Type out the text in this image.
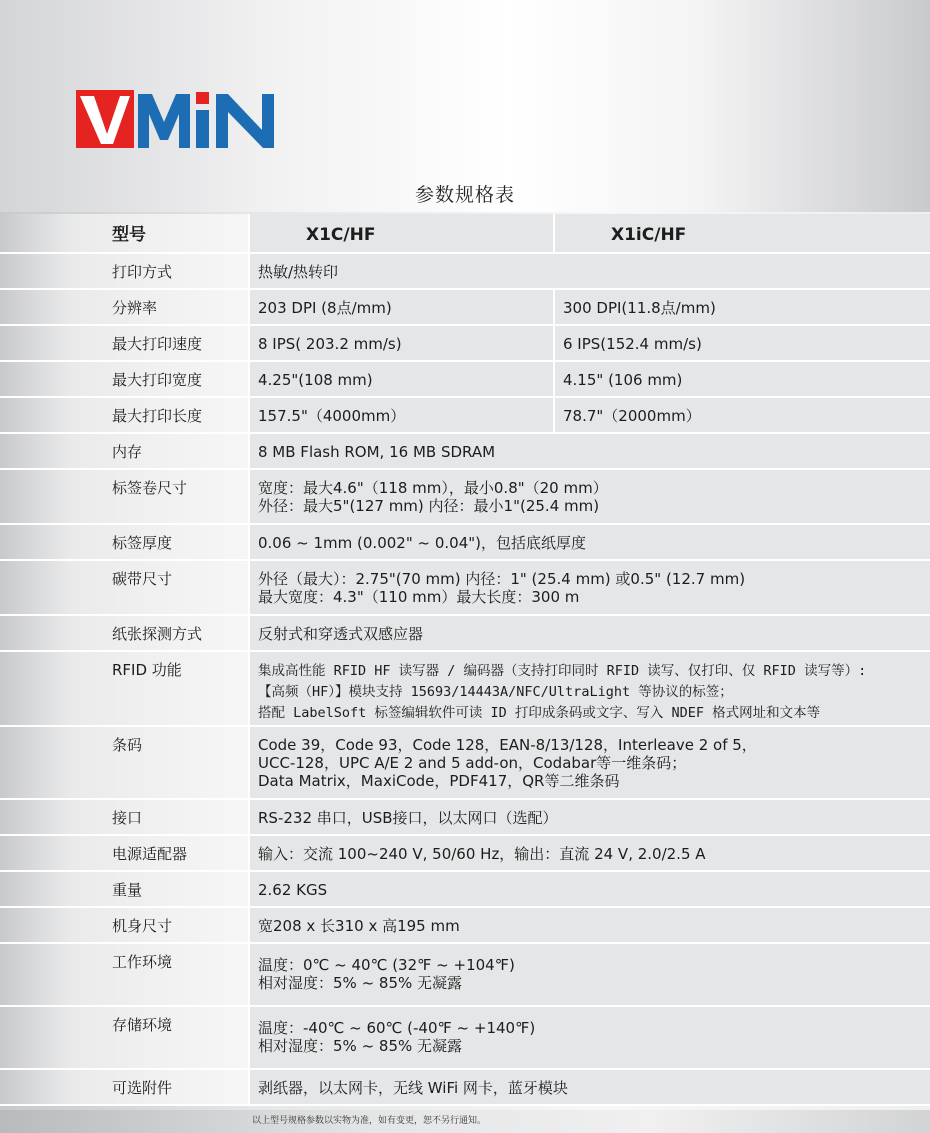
参数规格表
型号	X1C/HF	X1iC/HF
打印方式	热敏/热转印	
分辨率	203 DPI (8点/mm)	300 DPI(11.8点/mm)
最大打印速度	8 IPS( 203.2 mm/s)	6 IPS(152.4 mm/s)
最大打印宽度	4.25"(108 mm)	4.15" (106 mm)
最大打印长度	157.5"（4000mm）	78.7"（2000mm）
内存	8 MB Flash ROM, 16 MB SDRAM	
标签卷尺寸	宽度：最大4.6"（118 mm），最小0.8"（20 mm）
外径：最大5"(127 mm) 内径：最小1"(25.4 mm)	

标签厚度	0.06 ~ 1mm (0.002" ~ 0.04")，包括底纸厚度	
碳带尺寸	外径（最大）：2.75"(70 mm) 内径：1" (25.4 mm) 或0.5" (12.7 mm)
最大宽度：4.3"（110 mm）最大长度：300 m	

纸张探测方式	反射式和穿透式双感应器	
RFID 功能	集成高性能 RFID HF 读写器 / 编码器（支持打印同时 RFID 读写、仅打印、仅 RFID 读写等）:
【高频（HF）】模块支持 15693/14443A/NFC/UltraLight 等协议的标签；
搭配 LabelSoft 标签编辑软件可读 ID 打印成条码或文字、写入 NDEF 格式网址和文本等	

条码	Code 39，Code 93，Code 128，EAN-8/13/128，Interleave 2 of 5，
UCC-128，UPC A/E 2 and 5 add-on，Codabar等一维条码；
Data Matrix，MaxiCode，PDF417，QR等二维条码	

接口	RS-232 串口，USB接口，以太网口（选配）	
电源适配器	输入：交流 100~240 V, 50/60 Hz，输出：直流 24 V, 2.0/2.5 A	
重量	2.62 KGS	
机身尺寸	宽208 x 长310 x 高195 mm	
工作环境	温度：0℃ ~ 40℃ (32℉ ~ +104℉)
相对湿度：5% ~ 85% 无凝露	

存储环境	温度：-40℃ ~ 60℃ (-40℉ ~ +140℉)
相对湿度：5% ~ 85% 无凝露	

可选附件	剥纸器，以太网卡，无线 WiFi 网卡，蓝牙模块	
以上型号规格参数以实物为准，如有变更，恕不另行通知。
